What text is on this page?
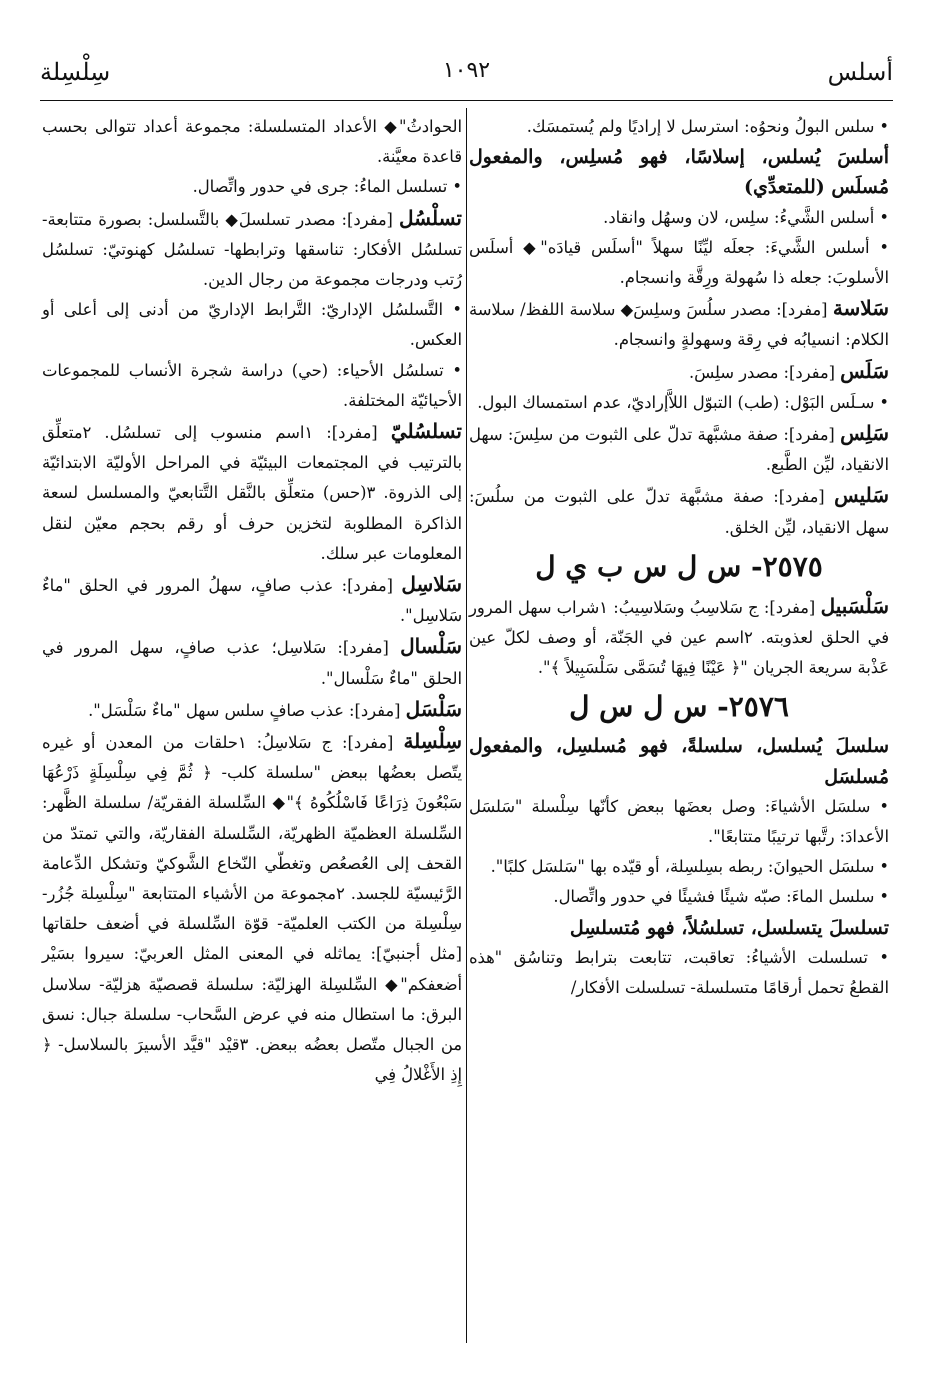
أسلس
١٠٩٢
سِلْسِلة

• سلس البولُ ونحوُه: استرسل لا إراديًا ولم يُستمسَك.

أسلسَ يُسلس، إسلاسًا، فهو مُسلِس، والمفعول مُسلَس (للمتعدِّي)

• أسلس الشَّيءُ: سلِس، لان وسهُل وانقاد.

• أسلس الشَّيءَ: جعلَه ليِّنًا سهلاً "أسلَس قيادَه"◆ أسلَس الأسلوبَ: جعله ذا سُهولة ورِقَّة وانسجام.

سَلاسة [مفرد]: مصدر سلُسَ وسلِسَ◆ سلاسة اللفظ/ سلاسة الكلام: انسيابُه في رِقة وسهولةٍ وانسجام.

سَلَس [مفرد]: مصدر سلِسَ.

• سـلَس البَوْل: (طب) التبوّل اللاَّإراديّ، عدم استمساك البول.

سَلِس [مفرد]: صفة مشبَّهة تدلّ على الثبوت من سلِسَ: سهل الانقياد، ليِّن الطَّبع.

سَليس [مفرد]: صفة مشبَّهة تدلّ على الثبوت من سلُسَ: سهل الانقياد، ليِّن الخلق.

٢٥٧٥- س ل س ب ي ل

سَلْسَبيل [مفرد]: ج سَلاسِبُ وسَلاسِيبُ: ١شراب سهل المرور في الحلق لعذوبته. ٢اسم عين في الجَنّة، أو وصف لكلّ عين عَذْبة سريعة الجريان "﴿ عَيْنًا فِيهَا تُسَمَّى سَلْسَبِيلاً ﴾".

٢٥٧٦- س ل س ل

سلسلَ يُسلسل، سلسلةً، فهو مُسلسِل، والمفعول مُسلسَل

• سلسَل الأشياءَ: وصل بعضَها ببعض كأنّها سِلْسلة "سَلسَل الأعدادَ: رتَّبها ترتيبًا متتابعًا".

• سلسَل الحيوانَ: ربطه بسِلسِلة، أو قيّده بها "سَلسَل كلبًا".

• سلسل الماءَ: صبّه شيئًا فشيئًا في حدور واتِّصال.

تسلسلَ يتسلسل، تسلسُلاً، فهو مُتسلسِل

• تسلسلت الأشياءُ: تعاقبت، تتابعت بترابط وتناسُق "هذه القطعُ تحمل أرقامًا متسلسلة- تسلسلت الأفكار/

الحوادثُ"◆ الأعداد المتسلسلة: مجموعة أعداد تتوالى بحسب قاعدة معيَّنة.

• تسلسل الماءُ: جرى في حدور واتِّصال.

تسلْسُل [مفرد]: مصدر تسلسلَ◆ بالتَّسلسل: بصورة متتابعة- تسلسُل الأفكار: تناسقها وترابطها- تسلسُل كهنوتيّ: تسلسُل رُتب ودرجات مجموعة من رجال الدين.

• التَّسلسُل الإداريّ: التَّرابط الإداريّ من أدنى إلى أعلى أو العكس.

• تسلسُل الأحياء: (حي) دراسة شجرة الأنساب للمجموعات الأحيائيّة المختلفة.

تسلسُليّ [مفرد]: ١اسم منسوب إلى تسلسُل. ٢متعلِّق بالترتيب في المجتمعات البيئيّة في المراحل الأوليّة الابتدائيّة إلى الذروة. ٣(حس) متعلِّق بالنَّقل التَّتابعيّ والمسلسل لسعة الذاكرة المطلوبة لتخزين حرف أو رقم بحجم معيّن لنقل المعلومات عبر سلك.

سَلاسِل [مفرد]: عذب صافٍ، سهلُ المرور في الحلق "ماءٌ سَلاسِل".

سَلْسال [مفرد]: سَلاسِل؛ عذب صافٍ، سهل المرور في الحلق "ماءٌ سَلْسال".

سَلْسَل [مفرد]: عذب صافٍ سلس سهل "ماءٌ سَلْسَل".

سِلْسِلة [مفرد]: ج سَلاسِلُ: ١حلقات من المعدن أو غيره يتّصل بعضُها ببعض "سلسلة كلب- ﴿ ثُمَّ فِي سِلْسِلَةٍ ذَرْعُهَا سَبْعُونَ ذِرَاعًا فَاسْلُكُوهُ ﴾"◆ السِّلسلة الفقريّة/ سلسلة الظَّهر: السِّلسلة العظميّة الظهريّة، السِّلسلة الفقاريّة، والتي تمتدّ من القحف إلى العُصعُص وتغطّي النّخاع الشَّوكيّ وتشكل الدِّعامة الرَّئيسيّة للجسد. ٢مجموعة من الأشياء المتتابعة "سِلْسِلة جُزُر- سِلْسِلة من الكتب العلميّة- قوّة السِّلسلة في أضعف حلقاتها [مثل أجنبيّ]: يماثله في المعنى المثل العربيّ: سيروا بسَيْر أضعفكم"◆ السِّلسِلة الهزليّة: سلسلة قصصيّة هزليّة- سلاسل البرق: ما استطال منه في عرض السَّحاب- سلسلة جبال: نسق من الجبال متّصل بعضُه ببعض. ٣قيْد "قيَّد الأسيرَ بالسلاسل- ﴿ إِذِ الأَغْلالُ فِي
